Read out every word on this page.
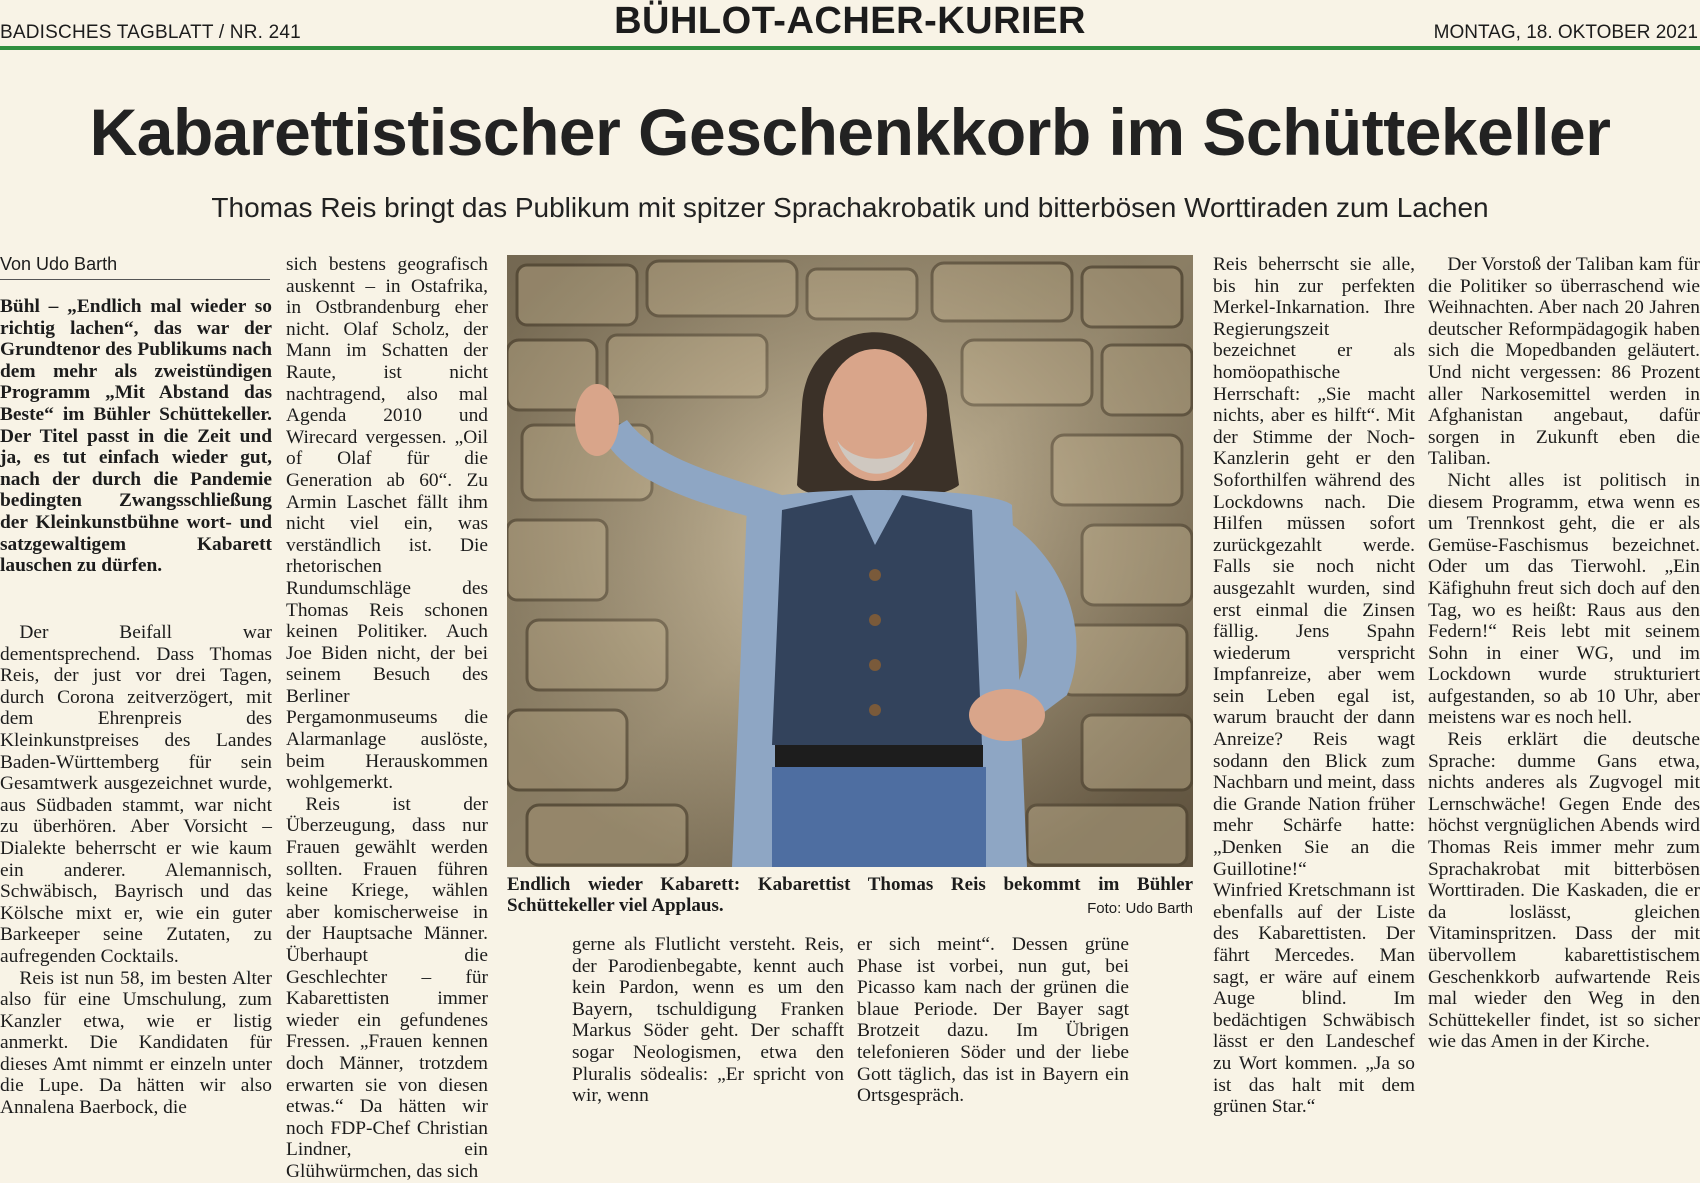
BADISCHES TAGBLATT / NR. 241	BÜHLOT-ACHER-KURIER	MONTAG, 18. OKTOBER 2021
Kabarettistischer Geschenkkorb im Schüttekeller
Thomas Reis bringt das Publikum mit spitzer Sprachakrobatik und bitterbösen Worttiraden zum Lachen
Von Udo Barth
Bühl – „Endlich mal wieder so richtig lachen“, das war der Grundtenor des Publikums nach dem mehr als zweistündigen Programm „Mit Abstand das Beste“ im Bühler Schüttekeller. Der Titel passt in die Zeit und ja, es tut einfach wieder gut, nach der durch die Pandemie bedingten Zwangsschließung der Kleinkunstbühne wort- und satzgewaltigem Kabarett lauschen zu dürfen.

Der Beifall war dementsprechend. Dass Thomas Reis, der just vor drei Tagen, durch Corona zeitverzögert, mit dem Ehrenpreis des Kleinkunstpreises des Landes Baden-Württemberg für sein Gesamtwerk ausgezeichnet wurde, aus Südbaden stammt, war nicht zu überhören. Aber Vorsicht – Dialekte beherrscht er wie kaum ein anderer. Alemannisch, Schwäbisch, Bayrisch und das Kölsche mixt er, wie ein guter Barkeeper seine Zutaten, zu aufregenden Cocktails.

Reis ist nun 58, im besten Alter also für eine Umschulung, zum Kanzler etwa, wie er listig anmerkt. Die Kandidaten für dieses Amt nimmt er einzeln unter die Lupe. Da hätten wir also Annalena Baerbock, die

sich bestens geografisch auskennt – in Ostafrika, in Ostbrandenburg eher nicht. Olaf Scholz, der Mann im Schatten der Raute, ist nicht nachtragend, also mal Agenda 2010 und Wirecard vergessen. „Oil of Olaf für die Generation ab 60“. Zu Armin Laschet fällt ihm nicht viel ein, was verständlich ist. Die rhetorischen Rundumschläge des Thomas Reis schonen keinen Politiker. Auch Joe Biden nicht, der bei seinem Besuch des Berliner Pergamonmuseums die Alarmanlage auslöste, beim Herauskommen wohlgemerkt.

Reis ist der Überzeugung, dass nur Frauen gewählt werden sollten. Frauen führen keine Kriege, wählen aber komischerweise in der Hauptsache Männer. Überhaupt die Geschlechter – für Kabarettisten immer wieder ein gefundenes Fressen. „Frauen kennen doch Männer, trotzdem erwarten sie von diesen etwas.“ Da hätten wir noch FDP-Chef Christian Lindner, ein Glühwürmchen, das sich

gerne als Flutlicht versteht. Reis, der Parodienbegabte, kennt auch kein Pardon, wenn es um den Bayern, tschuldigung Franken Markus Söder geht. Der schafft sogar Neologismen, etwa den Pluralis södealis: „Er spricht von wir, wenn

er sich meint“. Dessen grüne Phase ist vorbei, nun gut, bei Picasso kam nach der grünen die blaue Periode. Der Bayer sagt Brotzeit dazu. Im Übrigen telefonieren Söder und der liebe Gott täglich, das ist in Bayern ein Ortsgespräch.

Reis beherrscht sie alle, bis hin zur perfekten Merkel-Inkarnation. Ihre Regierungszeit bezeichnet er als homöopathische Herrschaft: „Sie macht nichts, aber es hilft“. Mit der Stimme der Noch-Kanzlerin geht er den Soforthilfen während des Lockdowns nach. Die Hilfen müssen sofort zurückgezahlt werde. Falls sie noch nicht ausgezahlt wurden, sind erst einmal die Zinsen fällig. Jens Spahn wiederum verspricht Impfanreize, aber wem sein Leben egal ist, warum braucht der dann Anreize? Reis wagt sodann den Blick zum Nachbarn und meint, dass die Grande Nation früher mehr Schärfe hatte: „Denken Sie an die Guillotine!“

Winfried Kretschmann ist ebenfalls auf der Liste des Kabarettisten. Der fährt Mercedes. Man sagt, er wäre auf einem Auge blind. Im bedächtigen Schwäbisch lässt er den Landeschef zu Wort kommen. „Ja so ist das halt mit dem grünen Star.“

Der Vorstoß der Taliban kam für die Politiker so überraschend wie Weihnachten. Aber nach 20 Jahren deutscher Reformpädagogik haben sich die Mopedbanden geläutert. Und nicht vergessen: 86 Prozent aller Narkosemittel werden in Afghanistan angebaut, dafür sorgen in Zukunft eben die Taliban.

Nicht alles ist politisch in diesem Programm, etwa wenn es um Trennkost geht, die er als Gemüse-Faschismus bezeichnet. Oder um das Tierwohl. „Ein Käfighuhn freut sich doch auf den Tag, wo es heißt: Raus aus den Federn!“ Reis lebt mit seinem Sohn in einer WG, und im Lockdown wurde strukturiert aufgestanden, so ab 10 Uhr, aber meistens war es noch hell.

Reis erklärt die deutsche Sprache: dumme Gans etwa, nichts anderes als Zugvogel mit Lernschwäche! Gegen Ende des höchst vergnüglichen Abends wird Thomas Reis immer mehr zum Sprachakrobat mit bitterbösen Worttiraden. Die Kaskaden, die er da loslässt, gleichen Vitaminspritzen. Dass der mit übervollem kabarettistischem Geschenkkorb aufwartende Reis mal wieder den Weg in den Schüttekeller findet, ist so sicher wie das Amen in der Kirche.

Endlich wieder Kabarett: Kabarettist Thomas Reis bekommt im Bühler Schüttekeller viel Applaus.	Foto: Udo Barth
